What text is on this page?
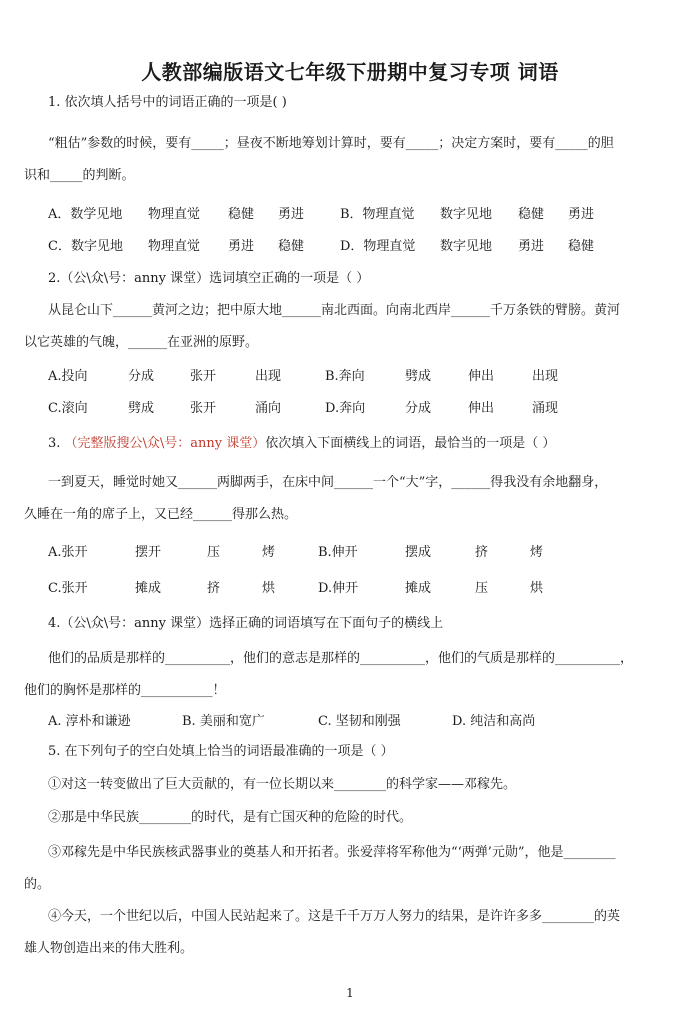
人教部编版语文七年级下册期中复习专项 词语
1. 依次填人括号中的词语正确的一项是( )
“粗估”参数的时候，要有_____；昼夜不断地筹划计算时，要有_____；决定方案时，要有_____的胆
识和_____的判断。
A．数学见地 物理直觉 稳健 勇进	B．物理直觉 数字见地 稳健 勇进
C．数字见地 物理直觉 勇进 稳健	D．物理直觉 数字见地 勇进 稳健
2.（公\众\号：anny 课堂）选词填空正确的一项是（ ）
从昆仑山下______黄河之边；把中原大地______南北西面。向南北西岸______千万条铁的臂膀。黄河
以它英雄的气魄，______在亚洲的原野。
A.投向	分成	张开	出现	B.奔向	劈成	伸出	出现
C.滚向	劈成	张开	涌向	D.奔向	分成	伸出	涌现
3. （完整版搜公\众\号：anny 课堂）依次填入下面横线上的词语，最恰当的一项是（ ）
一到夏天，睡觉时她又______两脚两手，在床中间______一个“大”字，______得我没有余地翻身，
久睡在一角的席子上，又已经______得那么热。
A.张开	摆开	压	烤	B.伸开	摆成	挤	烤
C.张开	摊成	挤	烘	D.伸开	摊成	压	烘
4.（公\众\号：anny 课堂）选择正确的词语填写在下面句子的横线上
他们的品质是那样的__________，他们的意志是那样的__________，他们的气质是那样的__________，
他们的胸怀是那样的___________！
A. 淳朴和谦逊	B. 美丽和宽广	C. 坚韧和刚强	D. 纯洁和高尚
5. 在下列句子的空白处填上恰当的词语最准确的一项是（ ）
①对这一转变做出了巨大贡献的，有一位长期以来________的科学家——邓稼先。
②那是中华民族________的时代，是有亡国灭种的危险的时代。
③邓稼先是中华民族核武器事业的奠基人和开拓者。张爱萍将军称他为“‘两弹’元勋”，他是________
的。
④今天，一个世纪以后，中国人民站起来了。这是千千万万人努力的结果，是许许多多________的英
雄人物创造出来的伟大胜利。
1
